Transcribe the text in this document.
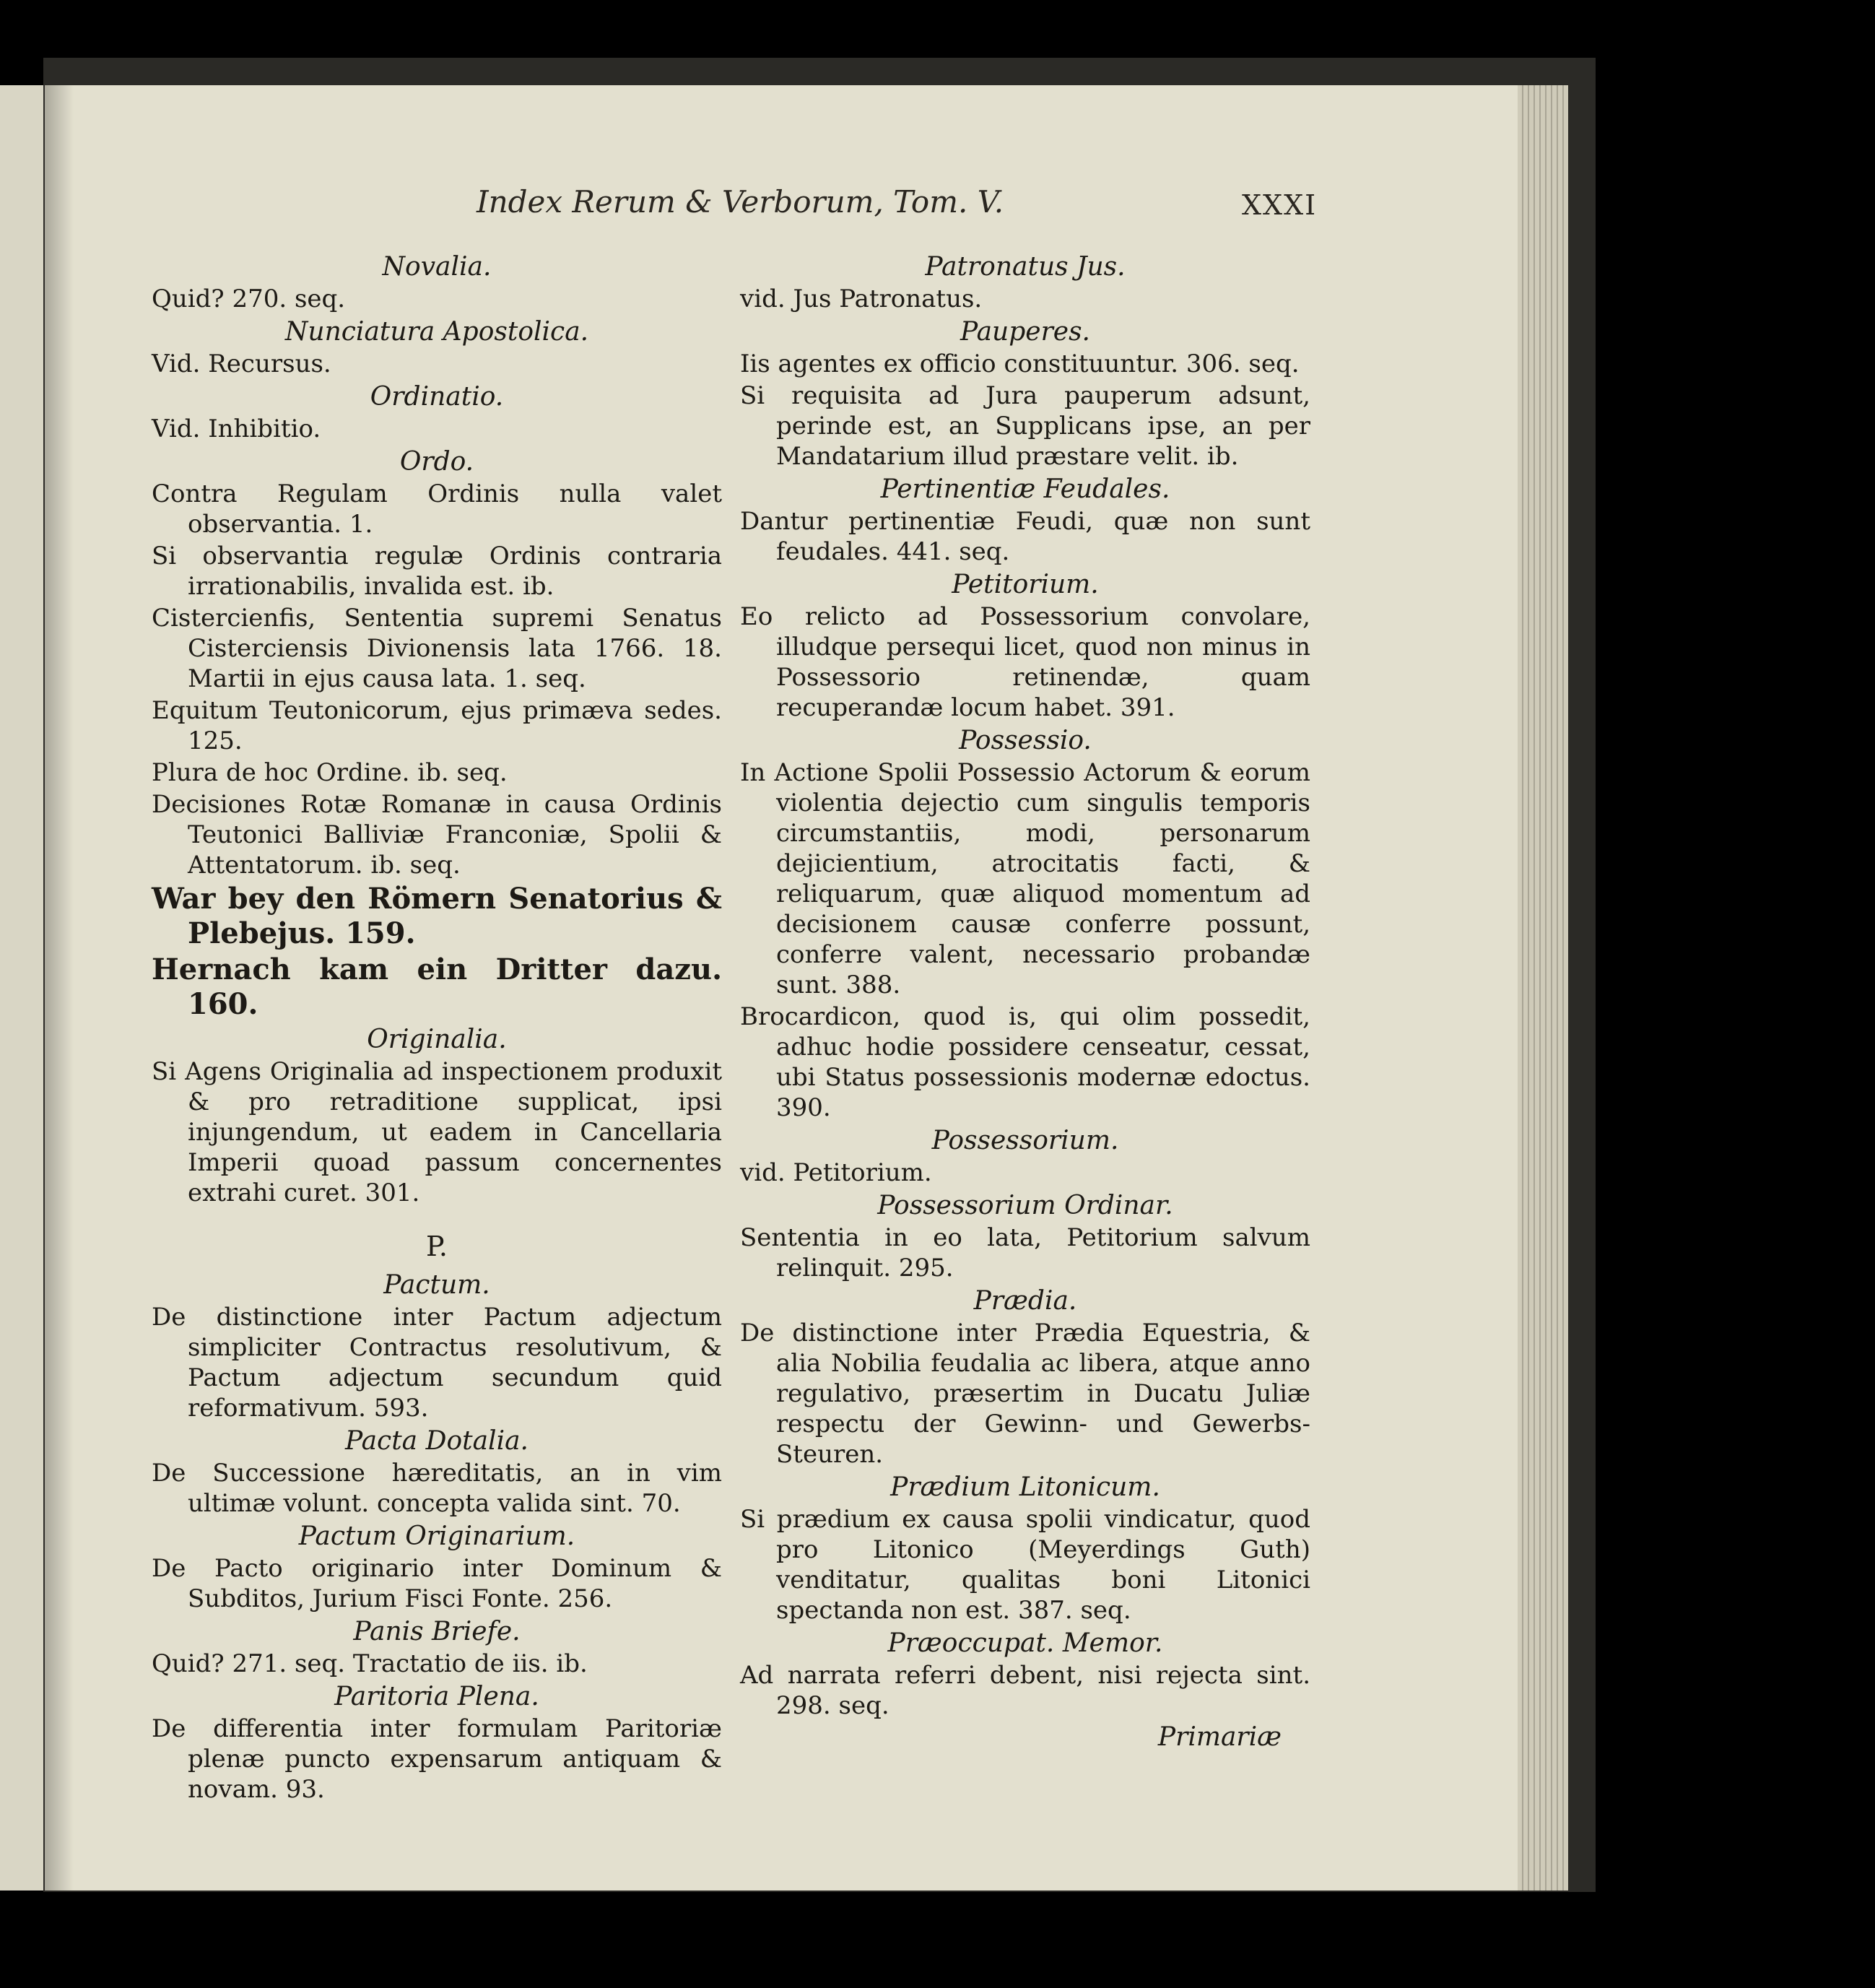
Index Rerum & Verborum, Tom. V.	XXXI
Novalia.
Quid? 270. seq.
Nunciatura Apostolica.
Vid. Recursus.
Ordinatio.
Vid. Inhibitio.
Ordo.
Contra Regulam Ordinis nulla valet observantia. 1.
Si observantia regulæ Ordinis contraria irrationabilis, invalida est. ib.
Cistercienfis, Sententia supremi Senatus Cisterciensis Divionensis lata 1766. 18. Martii in ejus causa lata. 1. seq.
Equitum Teutonicorum, ejus primæva sedes. 125.
Plura de hoc Ordine. ib. seq.
Decisiones Rotæ Romanæ in causa Ordinis Teutonici Balliviæ Franconiæ, Spolii & Attentatorum. ib. seq.
War bey den Römern Senatorius & Plebejus. 159.
Hernach kam ein Dritter dazu. 160.
Originalia.
Si Agens Originalia ad inspectionem produxit & pro retraditione supplicat, ipsi injungendum, ut eadem in Cancellaria Imperii quoad passum concernentes extrahi curet. 301.
P.
Pactum.
De distinctione inter Pactum adjectum simpliciter Contractus resolutivum, & Pactum adjectum secundum quid reformativum. 593.
Pacta Dotalia.
De Successione hæreditatis, an in vim ultimæ volunt. concepta valida sint. 70.
Pactum Originarium.
De Pacto originario inter Dominum & Subditos, Jurium Fisci Fonte. 256.
Panis Briefe.
Quid? 271. seq. Tractatio de iis. ib.
Paritoria Plena.
De differentia inter formulam Paritoriæ plenæ puncto expensarum antiquam & novam. 93.
Patronatus Jus.
vid. Jus Patronatus.
Pauperes.
Iis agentes ex officio constituuntur. 306. seq.
Si requisita ad Jura pauperum adsunt, perinde est, an Supplicans ipse, an per Mandatarium illud præstare velit. ib.
Pertinentiæ Feudales.
Dantur pertinentiæ Feudi, quæ non sunt feudales. 441. seq.
Petitorium.
Eo relicto ad Possessorium convolare, illudque persequi licet, quod non minus in Possessorio retinendæ, quam recuperandæ locum habet. 391.
Possessio.
In Actione Spolii Possessio Actorum & eorum violentia dejectio cum singulis temporis circumstantiis, modi, personarum dejicientium, atrocitatis facti, & reliquarum, quæ aliquod momentum ad decisionem causæ conferre possunt, conferre valent, necessario probandæ sunt. 388.
Brocardicon, quod is, qui olim possedit, adhuc hodie possidere censeatur, cessat, ubi Status possessionis modernæ edoctus. 390.
Possessorium.
vid. Petitorium.
Possessorium Ordinar.
Sententia in eo lata, Petitorium salvum relinquit. 295.
Prædia.
De distinctione inter Prædia Equestria, & alia Nobilia feudalia ac libera, atque anno regulativo, præsertim in Ducatu Juliæ respectu der Gewinn- und Gewerbs- Steuren.
Prædium Litonicum.
Si prædium ex causa spolii vindicatur, quod pro Litonico (Meyerdings Guth) venditatur, qualitas boni Litonici spectanda non est. 387. seq.
Præoccupat. Memor.
Ad narrata referri debent, nisi rejecta sint. 298. seq.
Primariæ
